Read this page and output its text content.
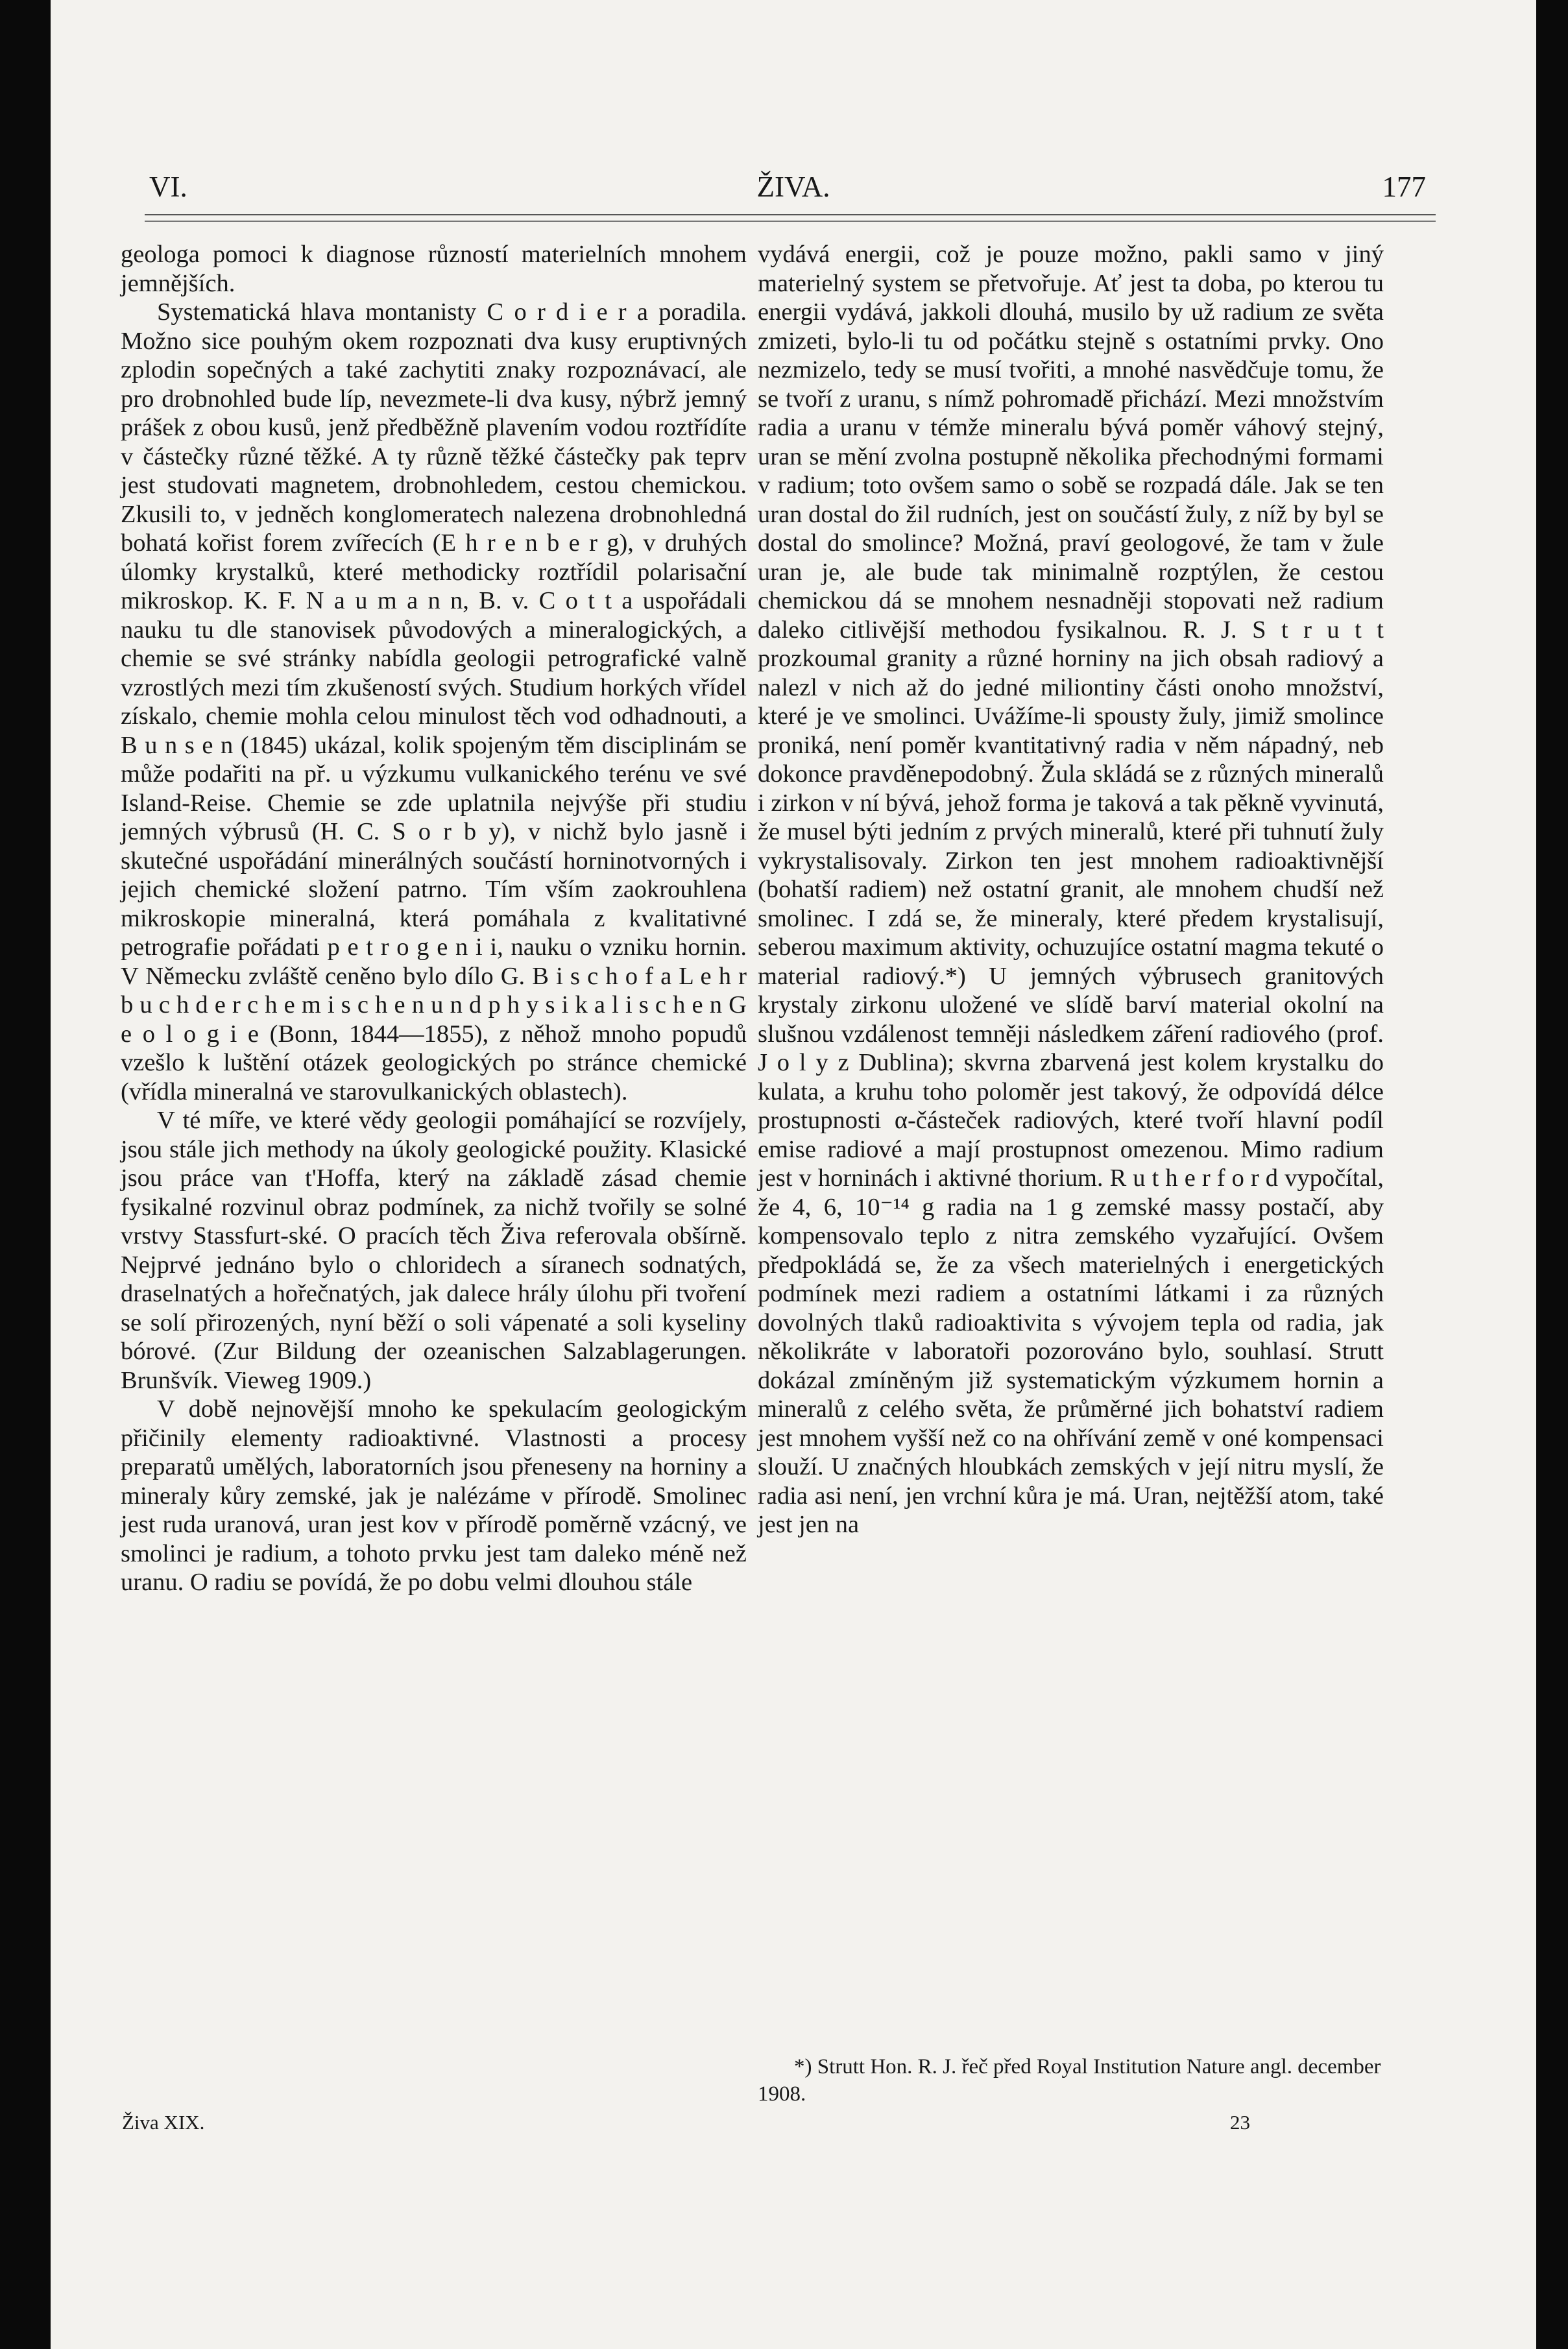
VI.	ŽIVA.	177

geologa pomoci k diagnose růzností materielních mnohem jemnějších.

Systematická hlava montanisty C o r d i e r a poradila. Možno sice pouhým okem rozpoznati dva kusy eruptivných zplodin sopečných a také zachytiti znaky rozpoznávací, ale pro drobnohled bude líp, nevezmete-li dva kusy, nýbrž jemný prášek z obou kusů, jenž předběžně plavením vodou roztřídíte v částečky různé těžké. A ty různě těžké částečky pak teprv jest studovati magnetem, drobnohledem, cestou chemickou. Zkusili to, v jedněch konglomeratech nalezena drobnohledná bohatá kořist forem zvířecích (E h r e n b e r g), v druhých úlomky krystalků, které methodicky roztřídil polarisační mikroskop. K. F. N a u m a n n, B. v. C o t t a uspořádali nauku tu dle stanovisek původových a mineralogických, a chemie se své stránky nabídla geologii petrografické valně vzrostlých mezi tím zkušeností svých. Studium horkých vřídel získalo, chemie mohla celou minulost těch vod odhadnouti, a B u n s e n (1845) ukázal, kolik spojeným těm disciplinám se může podařiti na př. u výzkumu vulkanického terénu ve své Island-Reise. Chemie se zde uplatnila nejvýše při studiu jemných výbrusů (H. C. S o r b y), v nichž bylo jasně i skutečné uspořádání minerálných součástí horninotvorných i jejich chemické složení patrno. Tím vším zaokrouhlena mikroskopie mineralná, která pomáhala z kvalitativné petrografie pořádati p e t r o g e n i i, nauku o vzniku hornin. V Německu zvláště ceněno bylo dílo G. B i s c h o f a L e h r b u c h d e r c h e m i s c h e n u n d p h y s i k a l i s c h e n G e o l o g i e (Bonn, 1844—1855), z něhož mnoho popudů vzešlo k luštění otázek geologických po stránce chemické (vřídla mineralná ve starovulkanických oblastech).

V té míře, ve které vědy geologii pomáhající se rozvíjely, jsou stále jich methody na úkoly geologické použity. Klasické jsou práce van t'Hoffa, který na základě zásad chemie fysikalné rozvinul obraz podmínek, za nichž tvořily se solné vrstvy Stassfurt-ské. O pracích těch Živa referovala obšírně. Nejprvé jednáno bylo o chloridech a síranech sodnatých, draselnatých a hořečnatých, jak dalece hrály úlohu při tvoření se solí přirozených, nyní běží o soli vápenaté a soli kyseliny bórové. (Zur Bildung der ozeanischen Salzablagerungen. Brunšvík. Vieweg 1909.)

V době nejnovější mnoho ke spekulacím geologickým přičinily elementy radioaktivné. Vlastnosti a procesy preparatů umělých, laboratorních jsou přeneseny na horniny a mineraly kůry zemské, jak je nalézáme v přírodě. Smolinec jest ruda uranová, uran jest kov v přírodě poměrně vzácný, ve smolinci je radium, a tohoto prvku jest tam daleko méně než uranu. O radiu se povídá, že po dobu velmi dlouhou stále

vydává energii, což je pouze možno, pakli samo v jiný materielný system se přetvořuje. Ať jest ta doba, po kterou tu energii vydává, jakkoli dlouhá, musilo by už radium ze světa zmizeti, bylo-li tu od počátku stejně s ostatními prvky. Ono nezmizelo, tedy se musí tvořiti, a mnohé nasvědčuje tomu, že se tvoří z uranu, s nímž pohromadě přichází. Mezi množstvím radia a uranu v témže mineralu bývá poměr váhový stejný, uran se mění zvolna postupně několika přechodnými formami v radium; toto ovšem samo o sobě se rozpadá dále. Jak se ten uran dostal do žil rudních, jest on součástí žuly, z níž by byl se dostal do smolince? Možná, praví geologové, že tam v žule uran je, ale bude tak minimalně rozptýlen, že cestou chemickou dá se mnohem nesnadněji stopovati než radium daleko citlivější methodou fysikalnou. R. J. S t r u t t prozkoumal granity a různé horniny na jich obsah radiový a nalezl v nich až do jedné miliontiny části onoho množství, které je ve smolinci. Uvážíme-li spousty žuly, jimiž smolince proniká, není poměr kvantitativný radia v něm nápadný, neb dokonce pravděnepodobný. Žula skládá se z různých mineralů i zirkon v ní bývá, jehož forma je taková a tak pěkně vyvinutá, že musel býti jedním z prvých mineralů, které při tuhnutí žuly vykrystalisovaly. Zirkon ten jest mnohem radioaktivnější (bohatší radiem) než ostatní granit, ale mnohem chudší než smolinec. I zdá se, že mineraly, které předem krystalisují, seberou maximum aktivity, ochuzujíce ostatní magma tekuté o material radiový.*) U jemných výbrusech granitových krystaly zirkonu uložené ve slídě barví material okolní na slušnou vzdálenost temněji následkem záření radiového (prof. J o l y z Dublina); skvrna zbarvená jest kolem krystalku do kulata, a kruhu toho poloměr jest takový, že odpovídá délce prostupnosti α-částeček radiových, které tvoří hlavní podíl emise radiové a mají prostupnost omezenou. Mimo radium jest v horninách i aktivné thorium. R u t h e r f o r d vypočítal, že 4, 6, 10⁻¹⁴ g radia na 1 g zemské massy postačí, aby kompensovalo teplo z nitra zemského vyzařující. Ovšem předpokládá se, že za všech materielných i energetických podmínek mezi radiem a ostatními látkami i za různých dovolných tlaků radioaktivita s vývojem tepla od radia, jak několikráte v laboratoři pozorováno bylo, souhlasí. Strutt dokázal zmíněným již systematickým výzkumem hornin a mineralů z celého světa, že průměrné jich bohatství radiem jest mnohem vyšší než co na ohřívání země v oné kompensaci slouží. U značných hloubkách zemských v její nitru myslí, že radia asi není, jen vrchní kůra je má. Uran, nejtěžší atom, také jest jen na

*) Strutt Hon. R. J. řeč před Royal Institution Nature angl. december 1908.
Živa XIX.	23
